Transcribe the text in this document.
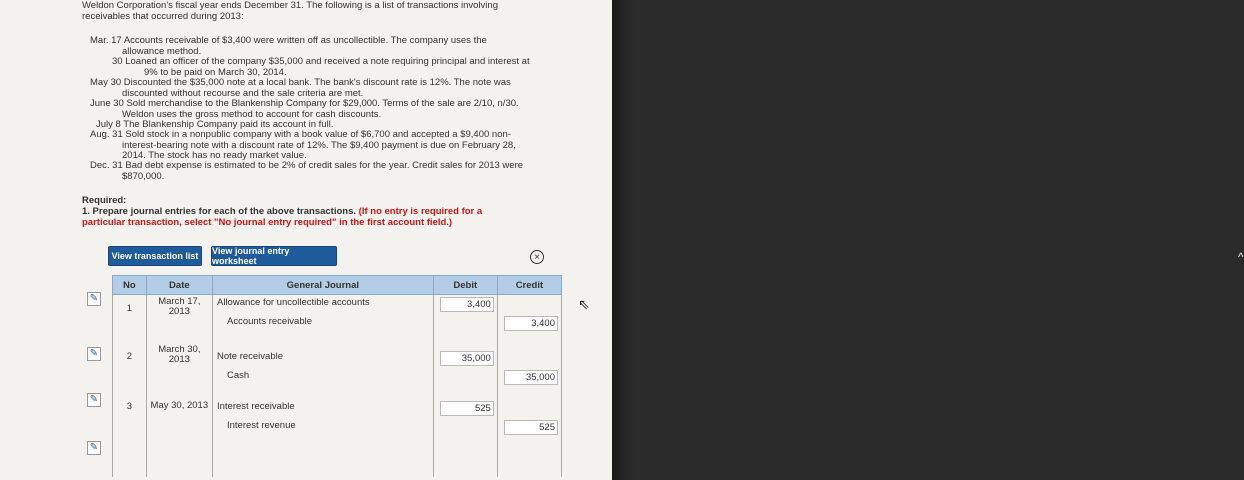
Weldon Corporation's fiscal year ends December 31. The following is a list of transactions involving receivables that occurred during 2013:
Mar. 17 Accounts receivable of $3,400 were written off as uncollectible. The company uses the
allowance method.
30 Loaned an officer of the company $35,000 and received a note requiring principal and interest at
9% to be paid on March 30, 2014.
May 30 Discounted the $35,000 note at a local bank. The bank's discount rate is 12%. The note was
discounted without recourse and the sale criteria are met.
June 30 Sold merchandise to the Blankenship Company for $29,000. Terms of the sale are 2/10, n/30.
Weldon uses the gross method to account for cash discounts.
July 8 The Blankenship Company paid its account in full.
Aug. 31 Sold stock in a nonpublic company with a book value of $6,700 and accepted a $9,400 non-
interest-bearing note with a discount rate of 12%. The $9,400 payment is due on February 28, 2014. The stock has no ready market value.
Dec. 31 Bad debt expense is estimated to be 2% of credit sales for the year. Credit sales for 2013 were
$870,000.
Required:
1. Prepare journal entries for each of the above transactions. (If no entry is required for a particular transaction, select "No journal entry required" in the first account field.)
View transaction list	View journal entry worksheet	×
✎
✎
✎
✎
No	Date	General Journal	Debit	Credit
1	March 17, 2013	Allowance for uncollectible accounts	3,400	
		Accounts receivable		3,400

2	March 30, 2013	Note receivable	35,000	
		Cash		35,000

3	May 30, 2013	Interest receivable	525	
		Interest revenue		525

⇖
^
